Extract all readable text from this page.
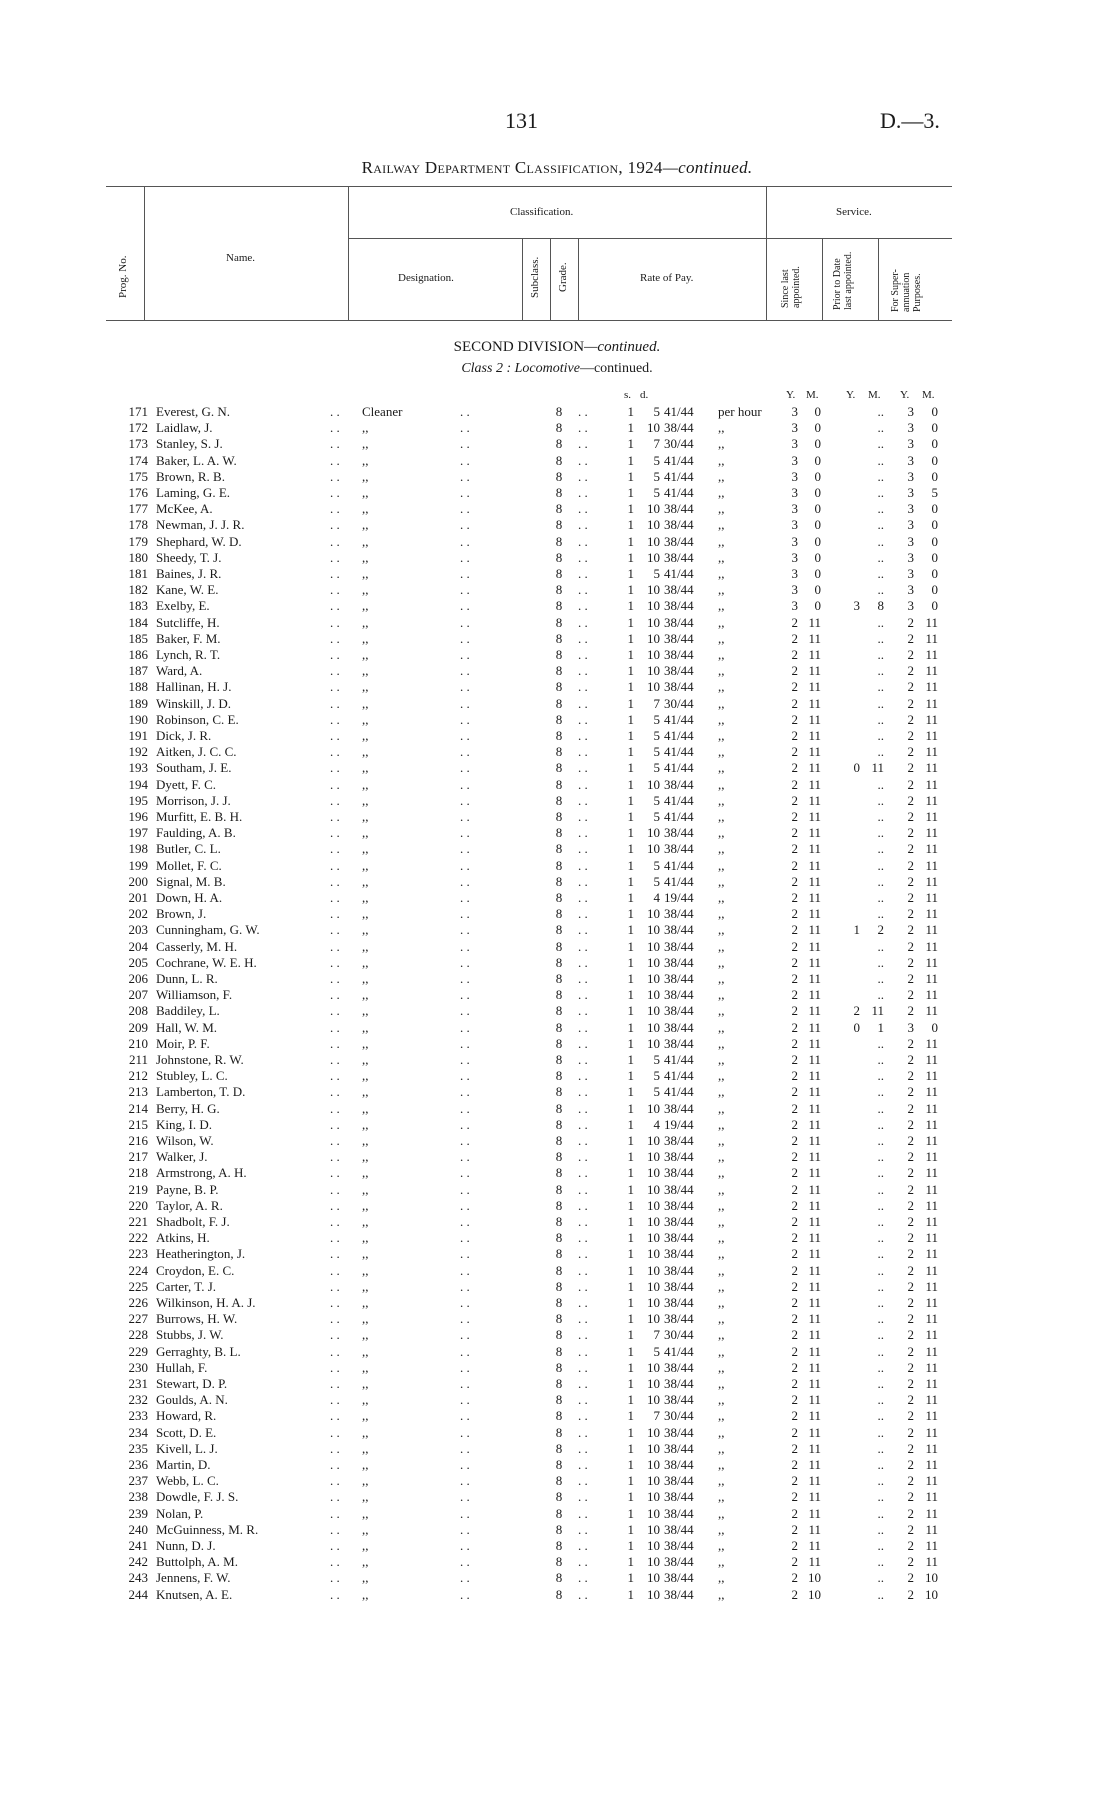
131	D.—3.
Railway Department Classification, 1924—continued.
Prog. No.	Name.
Classification.	Service.
Designation.	Subclass. Grade.	Rate of Pay.	Since last appointed.	Prior to Date last appointed.	For Super-annuation Purposes.
SECOND DIVISION—continued.
Class 2 : Locomotive—continued.
s. d.	Y. M. Y. M. Y. M.
171 Everest, G. N.	. . Cleaner	. .	8 . .	1	5 41/44 per hour	3	0	..	3	0
172 Laidlaw, J.	. . ,,	. .	8 . .	1	10 38/44 ,,	3	0	..	3	0
173 Stanley, S. J.	. . ,,	. .	8 . .	1	7 30/44 ,,	3	0	..	3	0
174 Baker, L. A. W.	. . ,,	. .	8 . .	1	5 41/44 ,,	3	0	..	3	0
175 Brown, R. B.	. . ,,	. .	8 . .	1	5 41/44 ,,	3	0	..	3	0
176 Laming, G. E.	. . ,,	. .	8 . .	1	5 41/44 ,,	3	0	..	3	5
177 McKee, A.	. . ,,	. .	8 . .	1	10 38/44 ,,	3	0	..	3	0
178 Newman, J. J. R.	. . ,,	. .	8 . .	1	10 38/44 ,,	3	0	..	3	0
179 Shephard, W. D.	. . ,,	. .	8 . .	1	10 38/44 ,,	3	0	..	3	0
180 Sheedy, T. J.	. . ,,	. .	8 . .	1	10 38/44 ,,	3	0	..	3	0
181 Baines, J. R.	. . ,,	. .	8 . .	1	5 41/44 ,,	3	0	..	3	0
182 Kane, W. E.	. . ,,	. .	8 . .	1	10 38/44 ,,	3	0	..	3	0
183 Exelby, E.	. . ,,	. .	8 . .	1	10 38/44 ,,	3	0	3	8	3	0
184 Sutcliffe, H.	. . ,,	. .	8 . .	1	10 38/44 ,,	2 11	..	2 11
185 Baker, F. M.	. . ,,	. .	8 . .	1	10 38/44 ,,	2 11	..	2 11
186 Lynch, R. T.	. . ,,	. .	8 . .	1	10 38/44 ,,	2 11	..	2 11
187 Ward, A.	. . ,,	. .	8 . .	1	10 38/44 ,,	2 11	..	2 11
188 Hallinan, H. J.	. . ,,	. .	8 . .	1	10 38/44 ,,	2 11	..	2 11
189 Winskill, J. D.	. . ,,	. .	8 . .	1	7 30/44 ,,	2 11	..	2 11
190 Robinson, C. E.	. . ,,	. .	8 . .	1	5 41/44 ,,	2 11	..	2 11
191 Dick, J. R.	. . ,,	. .	8 . .	1	5 41/44 ,,	2 11	..	2 11
192 Aitken, J. C. C.	. . ,,	. .	8 . .	1	5 41/44 ,,	2 11	..	2 11
193 Southam, J. E.	. . ,,	. .	8 . .	1	5 41/44 ,,	2 11	0 11	2 11
194 Dyett, F. C.	. . ,,	. .	8 . .	1	10 38/44 ,,	2 11	..	2 11
195 Morrison, J. J.	. . ,,	. .	8 . .	1	5 41/44 ,,	2 11	..	2 11
196 Murfitt, E. B. H.	. . ,,	. .	8 . .	1	5 41/44 ,,	2 11	..	2 11
197 Faulding, A. B.	. . ,,	. .	8 . .	1	10 38/44 ,,	2 11	..	2 11
198 Butler, C. L.	. . ,,	. .	8 . .	1	10 38/44 ,,	2 11	..	2 11
199 Mollet, F. C.	. . ,,	. .	8 . .	1	5 41/44 ,,	2 11	..	2 11
200 Signal, M. B.	. . ,,	. .	8 . .	1	5 41/44 ,,	2 11	..	2 11
201 Down, H. A.	. . ,,	. .	8 . .	1	4 19/44 ,,	2 11	..	2 11
202 Brown, J.	. . ,,	. .	8 . .	1	10 38/44 ,,	2 11	..	2 11
203 Cunningham, G. W.	. . ,,	. .	8 . .	1	10 38/44 ,,	2 11	1	2	2 11
204 Casserly, M. H.	. . ,,	. .	8 . .	1	10 38/44 ,,	2 11	..	2 11
205 Cochrane, W. E. H.	. . ,,	. .	8 . .	1	10 38/44 ,,	2 11	..	2 11
206 Dunn, L. R.	. . ,,	. .	8 . .	1	10 38/44 ,,	2 11	..	2 11
207 Williamson, F.	. . ,,	. .	8 . .	1	10 38/44 ,,	2 11	..	2 11
208 Baddiley, L.	. . ,,	. .	8 . .	1	10 38/44 ,,	2 11	2 11	2 11
209 Hall, W. M.	. . ,,	. .	8 . .	1	10 38/44 ,,	2 11	0	1	3	0
210 Moir, P. F.	. . ,,	. .	8 . .	1	10 38/44 ,,	2 11	..	2 11
211 Johnstone, R. W.	. . ,,	. .	8 . .	1	5 41/44 ,,	2 11	..	2 11
212 Stubley, L. C.	. . ,,	. .	8 . .	1	5 41/44 ,,	2 11	..	2 11
213 Lamberton, T. D.	. . ,,	. .	8 . .	1	5 41/44 ,,	2 11	..	2 11
214 Berry, H. G.	. . ,,	. .	8 . .	1	10 38/44 ,,	2 11	..	2 11
215 King, I. D.	. . ,,	. .	8 . .	1	4 19/44 ,,	2 11	..	2 11
216 Wilson, W.	. . ,,	. .	8 . .	1	10 38/44 ,,	2 11	..	2 11
217 Walker, J.	. . ,,	. .	8 . .	1	10 38/44 ,,	2 11	..	2 11
218 Armstrong, A. H.	. . ,,	. .	8 . .	1	10 38/44 ,,	2 11	..	2 11
219 Payne, B. P.	. . ,,	. .	8 . .	1	10 38/44 ,,	2 11	..	2 11
220 Taylor, A. R.	. . ,,	. .	8 . .	1	10 38/44 ,,	2 11	..	2 11
221 Shadbolt, F. J.	. . ,,	. .	8 . .	1	10 38/44 ,,	2 11	..	2 11
222 Atkins, H.	. . ,,	. .	8 . .	1	10 38/44 ,,	2 11	..	2 11
223 Heatherington, J.	. . ,,	. .	8 . .	1	10 38/44 ,,	2 11	..	2 11
224 Croydon, E. C.	. . ,,	. .	8 . .	1	10 38/44 ,,	2 11	..	2 11
225 Carter, T. J.	. . ,,	. .	8 . .	1	10 38/44 ,,	2 11	..	2 11
226 Wilkinson, H. A. J.	. . ,,	. .	8 . .	1	10 38/44 ,,	2 11	..	2 11
227 Burrows, H. W.	. . ,,	. .	8 . .	1	10 38/44 ,,	2 11	..	2 11
228 Stubbs, J. W.	. . ,,	. .	8 . .	1	7 30/44 ,,	2 11	..	2 11
229 Gerraghty, B. L.	. . ,,	. .	8 . .	1	5 41/44 ,,	2 11	..	2 11
230 Hullah, F.	. . ,,	. .	8 . .	1	10 38/44 ,,	2 11	..	2 11
231 Stewart, D. P.	. . ,,	. .	8 . .	1	10 38/44 ,,	2 11	..	2 11
232 Goulds, A. N.	. . ,,	. .	8 . .	1	10 38/44 ,,	2 11	..	2 11
233 Howard, R.	. . ,,	. .	8 . .	1	7 30/44 ,,	2 11	..	2 11
234 Scott, D. E.	. . ,,	. .	8 . .	1	10 38/44 ,,	2 11	..	2 11
235 Kivell, L. J.	. . ,,	. .	8 . .	1	10 38/44 ,,	2 11	..	2 11
236 Martin, D.	. . ,,	. .	8 . .	1	10 38/44 ,,	2 11	..	2 11
237 Webb, L. C.	. . ,,	. .	8 . .	1	10 38/44 ,,	2 11	..	2 11
238 Dowdle, F. J. S.	. . ,,	. .	8 . .	1	10 38/44 ,,	2 11	..	2 11
239 Nolan, P.	. . ,,	. .	8 . .	1	10 38/44 ,,	2 11	..	2 11
240 McGuinness, M. R.	. . ,,	. .	8 . .	1	10 38/44 ,,	2 11	..	2 11
241 Nunn, D. J.	. . ,,	. .	8 . .	1	10 38/44 ,,	2 11	..	2 11
242 Buttolph, A. M.	. . ,,	. .	8 . .	1	10 38/44 ,,	2 11	..	2 11
243 Jennens, F. W.	. . ,,	. .	8 . .	1	10 38/44 ,,	2 10	..	2 10
244 Knutsen, A. E.	. . ,,	. .	8 . .	1	10 38/44 ,,	2 10	..	2 10
